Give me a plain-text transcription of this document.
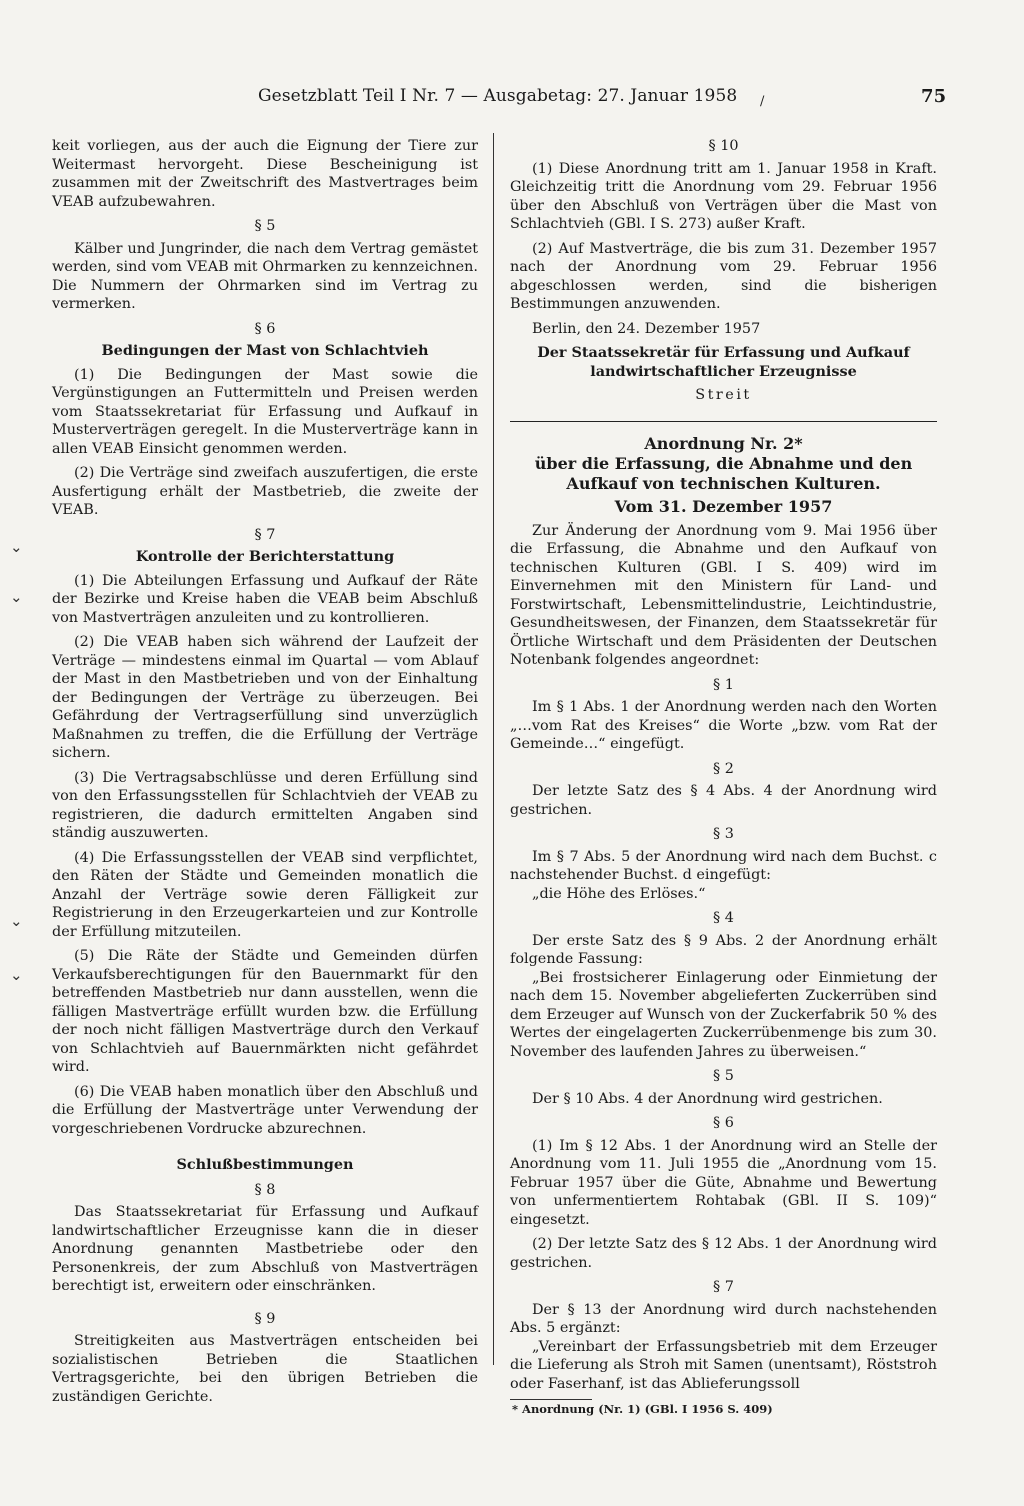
Gesetzblatt Teil I Nr. 7 — Ausgabetag: 27. Januar 1958 /	75
⌄
⌄
⌄
⌄

keit vorliegen, aus der auch die Eignung der Tiere zur Weitermast hervorgeht. Diese Bescheinigung ist zusammen mit der Zweitschrift des Mastvertrages beim VEAB aufzubewahren.

§ 5

Kälber und Jungrinder, die nach dem Vertrag gemästet werden, sind vom VEAB mit Ohrmarken zu kennzeichnen. Die Nummern der Ohrmarken sind im Vertrag zu vermerken.

§ 6
Bedingungen der Mast von Schlachtvieh

(1) Die Bedingungen der Mast sowie die Vergünstigungen an Futtermitteln und Preisen werden vom Staatssekretariat für Erfassung und Aufkauf in Musterverträgen geregelt. In die Musterverträge kann in allen VEAB Einsicht genommen werden.

(2) Die Verträge sind zweifach auszufertigen, die erste Ausfertigung erhält der Mastbetrieb, die zweite der VEAB.

§ 7
Kontrolle der Berichterstattung

(1) Die Abteilungen Erfassung und Aufkauf der Räte der Bezirke und Kreise haben die VEAB beim Abschluß von Mastverträgen anzuleiten und zu kontrollieren.

(2) Die VEAB haben sich während der Laufzeit der Verträge — mindestens einmal im Quartal — vom Ablauf der Mast in den Mastbetrieben und von der Einhaltung der Bedingungen der Verträge zu überzeugen. Bei Gefährdung der Vertragserfüllung sind unverzüglich Maßnahmen zu treffen, die die Erfüllung der Verträge sichern.

(3) Die Vertragsabschlüsse und deren Erfüllung sind von den Erfassungsstellen für Schlachtvieh der VEAB zu registrieren, die dadurch ermittelten Angaben sind ständig auszuwerten.

(4) Die Erfassungsstellen der VEAB sind verpflichtet, den Räten der Städte und Gemeinden monatlich die Anzahl der Verträge sowie deren Fälligkeit zur Registrierung in den Erzeugerkarteien und zur Kontrolle der Erfüllung mitzuteilen.

(5) Die Räte der Städte und Gemeinden dürfen Verkaufsberechtigungen für den Bauernmarkt für den betreffenden Mastbetrieb nur dann ausstellen, wenn die fälligen Mastverträge erfüllt wurden bzw. die Erfüllung der noch nicht fälligen Mastverträge durch den Verkauf von Schlachtvieh auf Bauernmärkten nicht gefährdet wird.

(6) Die VEAB haben monatlich über den Abschluß und die Erfüllung der Mastverträge unter Verwendung der vorgeschriebenen Vordrucke abzurechnen.

Schlußbestimmungen
§ 8

Das Staatssekretariat für Erfassung und Aufkauf landwirtschaftlicher Erzeugnisse kann die in dieser Anordnung genannten Mastbetriebe oder den Personenkreis, der zum Abschluß von Mastverträgen berechtigt ist, erweitern oder einschränken.

§ 9

Streitigkeiten aus Mastverträgen entscheiden bei sozialistischen Betrieben die Staatlichen Vertragsgerichte, bei den übrigen Betrieben die zuständigen Gerichte.

§ 10

(1) Diese Anordnung tritt am 1. Januar 1958 in Kraft. Gleichzeitig tritt die Anordnung vom 29. Februar 1956 über den Abschluß von Verträgen über die Mast von Schlachtvieh (GBl. I S. 273) außer Kraft.

(2) Auf Mastverträge, die bis zum 31. Dezember 1957 nach der Anordnung vom 29. Februar 1956 abgeschlossen werden, sind die bisherigen Bestimmungen anzuwenden.

Berlin, den 24. Dezember 1957

Der Staatssekretär für Erfassung und Aufkauf landwirtschaftlicher Erzeugnisse
Streit
Anordnung Nr. 2*
über die Erfassung, die Abnahme und den Aufkauf von technischen Kulturen.
Vom 31. Dezember 1957

Zur Änderung der Anordnung vom 9. Mai 1956 über die Erfassung, die Abnahme und den Aufkauf von technischen Kulturen (GBl. I S. 409) wird im Einvernehmen mit den Ministern für Land- und Forstwirtschaft, Lebensmittelindustrie, Leichtindustrie, Gesundheitswesen, der Finanzen, dem Staatssekretär für Örtliche Wirtschaft und dem Präsidenten der Deutschen Notenbank folgendes angeordnet:

§ 1

Im § 1 Abs. 1 der Anordnung werden nach den Worten „…vom Rat des Kreises“ die Worte „bzw. vom Rat der Gemeinde…“ eingefügt.

§ 2

Der letzte Satz des § 4 Abs. 4 der Anordnung wird gestrichen.

§ 3

Im § 7 Abs. 5 der Anordnung wird nach dem Buchst. c nachstehender Buchst. d eingefügt:

„die Höhe des Erlöses.“

§ 4

Der erste Satz des § 9 Abs. 2 der Anordnung erhält folgende Fassung:

„Bei frostsicherer Einlagerung oder Einmietung der nach dem 15. November abgelieferten Zuckerrüben sind dem Erzeuger auf Wunsch von der Zuckerfabrik 50 % des Wertes der eingelagerten Zuckerrübenmenge bis zum 30. November des laufenden Jahres zu überweisen.“

§ 5

Der § 10 Abs. 4 der Anordnung wird gestrichen.

§ 6

(1) Im § 12 Abs. 1 der Anordnung wird an Stelle der Anordnung vom 11. Juli 1955 die „Anordnung vom 15. Februar 1957 über die Güte, Abnahme und Bewertung von unfermentiertem Rohtabak (GBl. II S. 109)“ eingesetzt.

(2) Der letzte Satz des § 12 Abs. 1 der Anordnung wird gestrichen.

§ 7

Der § 13 der Anordnung wird durch nachstehenden Abs. 5 ergänzt:

„Vereinbart der Erfassungsbetrieb mit dem Erzeuger die Lieferung als Stroh mit Samen (unentsamt), Röststroh oder Faserhanf, ist das Ablieferungssoll

* Anordnung (Nr. 1) (GBl. I 1956 S. 409)
